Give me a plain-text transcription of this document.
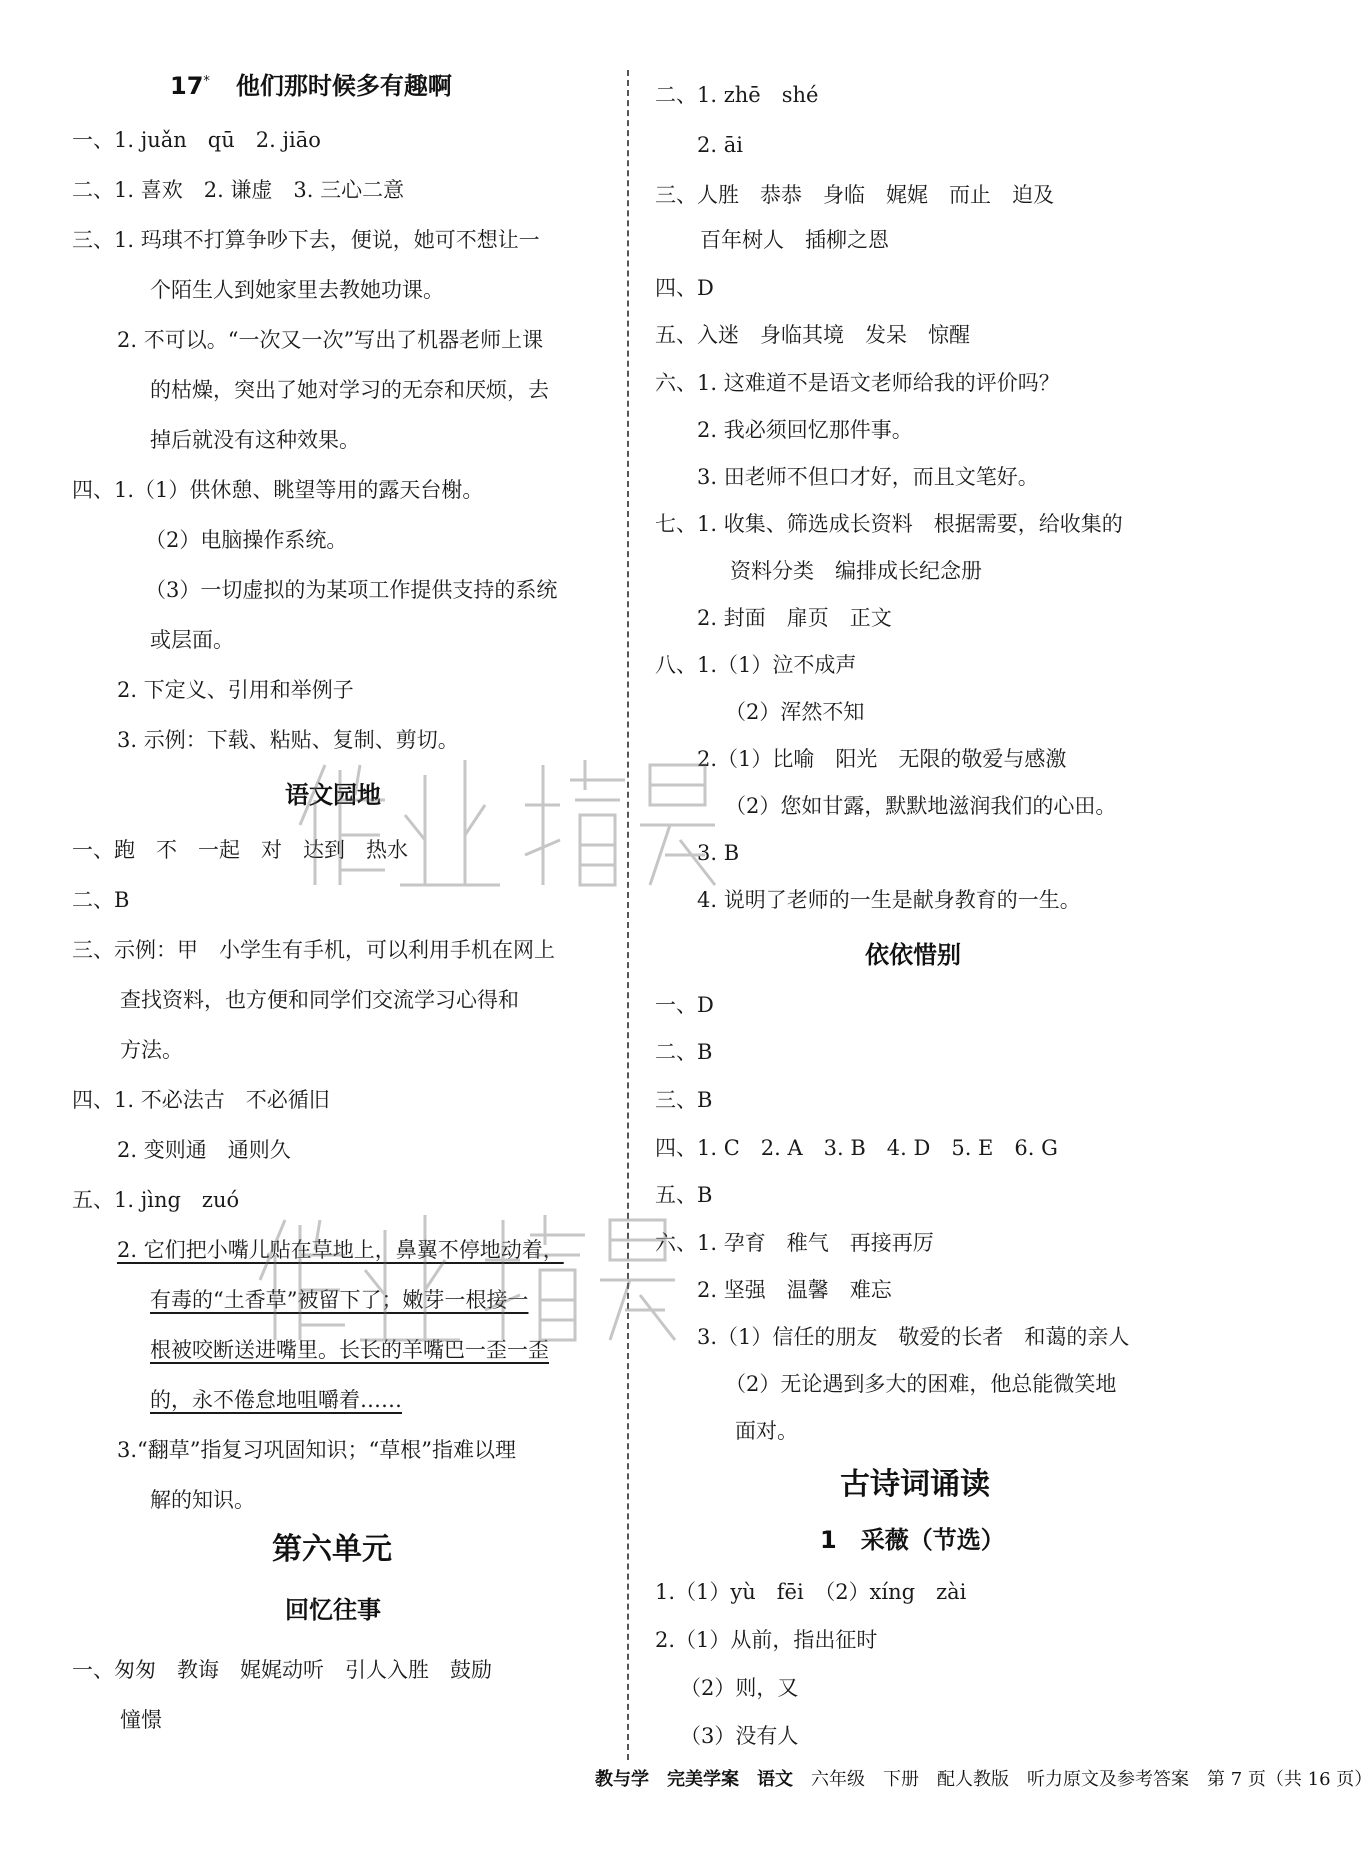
17* 他们那时候多有趣啊
一、1. juǎn　qū　2. jiāo
二、1. 喜欢　2. 谦虚　3. 三心二意
三、1. 玛琪不打算争吵下去，便说，她可不想让一
个陌生人到她家里去教她功课。
2. 不可以。“一次又一次”写出了机器老师上课
的枯燥，突出了她对学习的无奈和厌烦，去
掉后就没有这种效果。
四、1.（1）供休憩、眺望等用的露天台榭。
（2）电脑操作系统。
（3）一切虚拟的为某项工作提供支持的系统
或层面。
2. 下定义、引用和举例子
3. 示例：下载、粘贴、复制、剪切。
语文园地
一、跑　不　一起　对　达到　热水
二、B
三、示例：甲　小学生有手机，可以利用手机在网上
查找资料，也方便和同学们交流学习心得和
方法。
四、1. 不必法古　不必循旧
2. 变则通　通则久
五、1. jìng　zuó
2. 它们把小嘴儿贴在草地上，鼻翼不停地动着，
有毒的“土香草”被留下了；嫩芽一根接一
根被咬断送进嘴里。长长的羊嘴巴一歪一歪
的，永不倦怠地咀嚼着……
3.“翻草”指复习巩固知识；“草根”指难以理
解的知识。
第六单元
回忆往事
一、匆匆　教诲　娓娓动听　引人入胜　鼓励
憧憬
二、1. zhē　shé
2. āi
三、人胜　恭恭　身临　娓娓　而止　迫及
百年树人　插柳之恩
四、D
五、入迷　身临其境　发呆　惊醒
六、1. 这难道不是语文老师给我的评价吗？
2. 我必须回忆那件事。
3. 田老师不但口才好，而且文笔好。
七、1. 收集、筛选成长资料　根据需要，给收集的
资料分类　编排成长纪念册
2. 封面　扉页　正文
八、1.（1）泣不成声
（2）浑然不知
2.（1）比喻　阳光　无限的敬爱与感激
（2）您如甘露，默默地滋润我们的心田。
3. B
4. 说明了老师的一生是献身教育的一生。
依依惜别
一、D
二、B
三、B
四、1. C　2. A　3. B　4. D　5. E　6. G
五、B
六、1. 孕育　稚气　再接再厉
2. 坚强　温馨　难忘
3.（1）信任的朋友　敬爱的长者　和蔼的亲人
（2）无论遇到多大的困难，他总能微笑地
面对。
古诗词诵读
1　采薇（节选）
1.（1）yù　fēi　（2）xíng　zài
2.（1）从前，指出征时
（2）则，又
（3）没有人
教与学　完美学案　 语文　 六年级　 下册　 配人教版　 听力原文及参考答案　 第 7 页（共 16 页）
